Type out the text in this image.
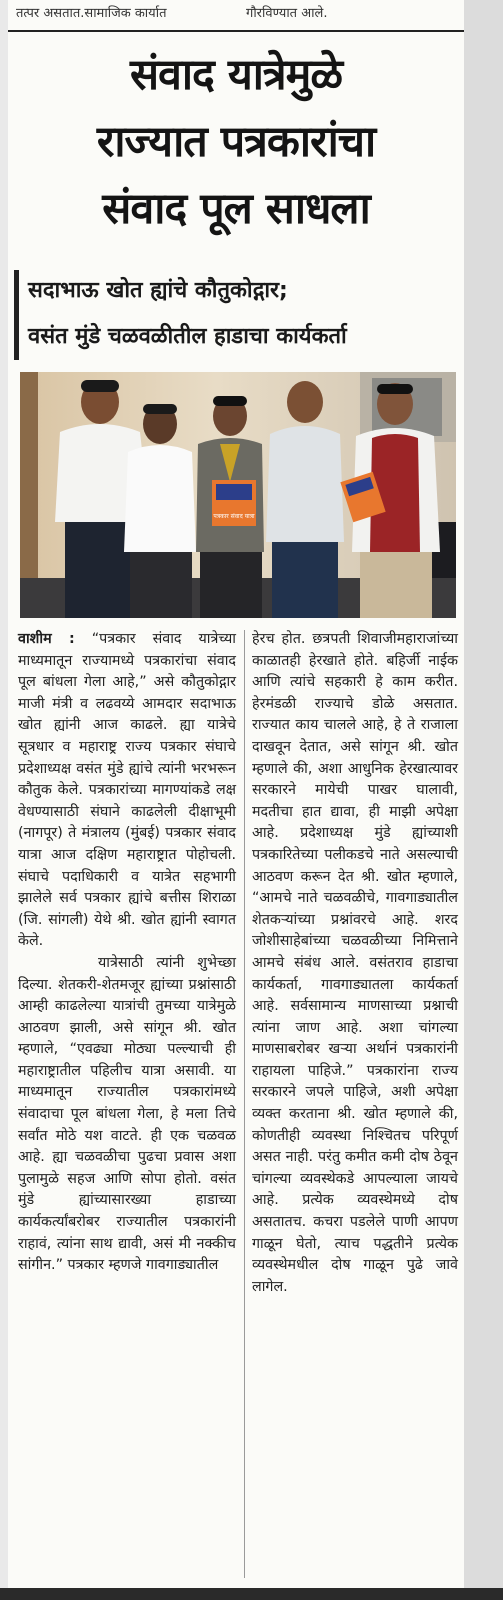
तत्पर असतात.सामाजिक कार्यात	गौरविण्यात आले.
संवाद यात्रेमुळे
राज्यात पत्रकारांचा
संवाद पूल साधला
सदाभाऊ खोत ह्यांचे कौतुकोद्गार;
वसंत मुंडे चळवळीतील हाडाचा कार्यकर्ता
पत्रकार संवाद यात्रा

वाशीम : “पत्रकार संवाद यात्रेच्या माध्यमातून राज्यामध्ये पत्रकारांचा संवाद पूल बांधला गेला आहे,” असे कौतुकोद्गार माजी मंत्री व लढवय्ये आमदार सदाभाऊ खोत ह्यांनी आज काढले. ह्या यात्रेचे सूत्रधार व महाराष्ट्र राज्य पत्रकार संघाचे प्रदेशाध्यक्ष वसंत मुंडे ह्यांचे त्यांनी भरभरून कौतुक केले. पत्रकारांच्या मागण्यांकडे लक्ष वेधण्यासाठी संघाने काढलेली दीक्षाभूमी (नागपूर) ते मंत्रालय (मुंबई) पत्रकार संवाद यात्रा आज दक्षिण महाराष्ट्रात पोहोचली. संघाचे पदाधिकारी व यात्रेत सहभागी झालेले सर्व पत्रकार ह्यांचे बत्तीस शिराळा (जि. सांगली) येथे श्री. खोत ह्यांनी स्वागत केले.

यात्रेसाठी त्यांनी शुभेच्छा दिल्या. शेतकरी-शेतमजूर ह्यांच्या प्रश्नांसाठी आम्ही काढलेल्या यात्रांची तुमच्या यात्रेमुळे आठवण झाली, असे सांगून श्री. खोत म्हणाले, “एवढ्या मोठ्या पल्ल्याची ही महाराष्ट्रातील पहिलीच यात्रा असावी. या माध्यमातून राज्यातील पत्रकारांमध्ये संवादाचा पूल बांधला गेला, हे मला तिचे सर्वांत मोठे यश वाटते. ही एक चळवळ आहे. ह्या चळवळीचा पुढचा प्रवास अशा पुलामुळे सहज आणि सोपा होतो. वसंत मुंडे ह्यांच्यासारख्या हाडाच्या कार्यकर्त्यांबरोबर राज्यातील पत्रकारांनी राहावं, त्यांना साथ द्यावी, असं मी नक्कीच सांगीन.” पत्रकार म्हणजे गावगाड्यातील

हेरच होत. छत्रपती शिवाजीमहाराजांच्या काळातही हेरखाते होते. बहिर्जी नाईक आणि त्यांचे सहकारी हे काम करीत. हेरमंडळी राज्याचे डोळे असतात. राज्यात काय चालले आहे, हे ते राजाला दाखवून देतात, असे सांगून श्री. खोत म्हणाले की, अशा आधुनिक हेरखात्यावर सरकारने मायेची पाखर घालावी, मदतीचा हात द्यावा, ही माझी अपेक्षा आहे. प्रदेशाध्यक्ष मुंडे ह्यांच्याशी पत्रकारितेच्या पलीकडचे नाते असल्याची आठवण करून देत श्री. खोत म्हणाले, “आमचे नाते चळवळीचे, गावगाड्यातील शेतकऱ्यांच्या प्रश्नांवरचे आहे. शरद जोशीसाहेबांच्या चळवळीच्या निमित्ताने आमचे संबंध आले. वसंतराव हाडाचा कार्यकर्ता, गावगाड्यातला कार्यकर्ता आहे. सर्वसामान्य माणसाच्या प्रश्नाची त्यांना जाण आहे. अशा चांगल्या माणसाबरोबर खऱ्या अर्थानं पत्रकारांनी राहायला पाहिजे.” पत्रकारांना राज्य सरकारने जपले पाहिजे, अशी अपेक्षा व्यक्त करताना श्री. खोत म्हणाले की, कोणतीही व्यवस्था निश्चितच परिपूर्ण असत नाही. परंतु कमीत कमी दोष ठेवून चांगल्या व्यवस्थेकडे आपल्याला जायचे आहे. प्रत्येक व्यवस्थेमध्ये दोष असतातच. कचरा पडलेले पाणी आपण गाळून घेतो, त्याच पद्धतीने प्रत्येक व्यवस्थेमधील दोष गाळून पुढे जावे लागेल.
